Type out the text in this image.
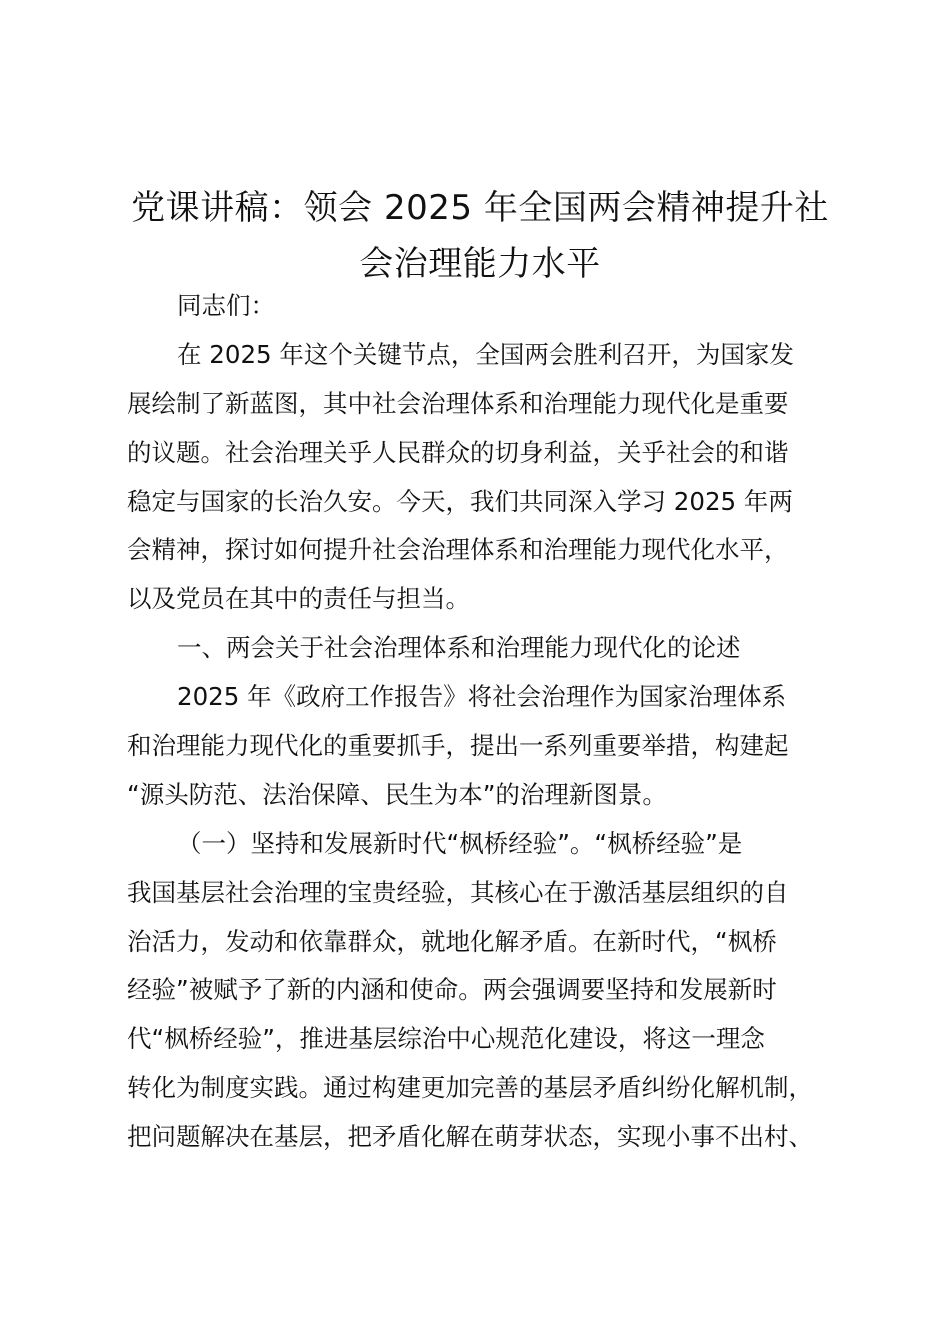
党课讲稿：领会 2025 年全国两会精神提升社
会治理能力水平
同志们：
在 2025 年这个关键节点，全国两会胜利召开，为国家发
展绘制了新蓝图，其中社会治理体系和治理能力现代化是重要
的议题。社会治理关乎人民群众的切身利益，关乎社会的和谐
稳定与国家的长治久安。今天，我们共同深入学习 2025 年两
会精神，探讨如何提升社会治理体系和治理能力现代化水平，
以及党员在其中的责任与担当。
一、两会关于社会治理体系和治理能力现代化的论述
2025 年《政府工作报告》将社会治理作为国家治理体系
和治理能力现代化的重要抓手，提出一系列重要举措，构建起
“源头防范、法治保障、民生为本”的治理新图景。
（一）坚持和发展新时代“枫桥经验”。“枫桥经验”是
我国基层社会治理的宝贵经验，其核心在于激活基层组织的自
治活力，发动和依靠群众，就地化解矛盾。在新时代，“枫桥
经验”被赋予了新的内涵和使命。两会强调要坚持和发展新时
代“枫桥经验”，推进基层综治中心规范化建设，将这一理念
转化为制度实践。通过构建更加完善的基层矛盾纠纷化解机制，
把问题解决在基层，把矛盾化解在萌芽状态，实现小事不出村、
